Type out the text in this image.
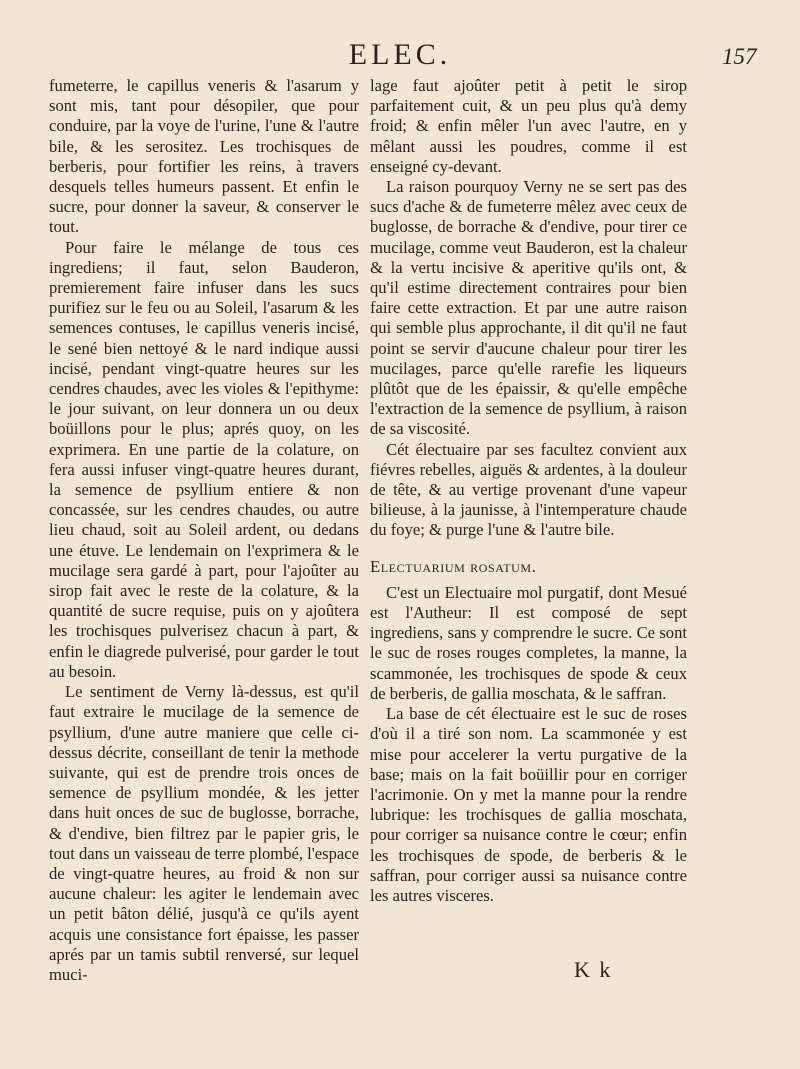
ELEC.	157

fumeterre, le capillus veneris & l'asarum y sont mis, tant pour désopiler, que pour conduire, par la voye de l'urine, l'une & l'autre bile, & les serositez. Les trochisques de berberis, pour fortifier les reins, à travers desquels telles humeurs passent. Et enfin le sucre, pour donner la saveur, & conserver le tout.

Pour faire le mélange de tous ces ingrediens; il faut, selon Bauderon, premierement faire infuser dans les sucs purifiez sur le feu ou au Soleil, l'asarum & les semences contuses, le capillus veneris incisé, le sené bien nettoyé & le nard indique aussi incisé, pendant vingt-quatre heures sur les cendres chaudes, avec les violes & l'epithyme: le jour suivant, on leur donnera un ou deux boüillons pour le plus; aprés quoy, on les exprimera. En une partie de la colature, on fera aussi infuser vingt-quatre heures durant, la semence de psyllium entiere & non concassée, sur les cendres chaudes, ou autre lieu chaud, soit au Soleil ardent, ou dedans une étuve. Le lendemain on l'exprimera & le mucilage sera gardé à part, pour l'ajoûter au sirop fait avec le reste de la colature, & la quantité de sucre requise, puis on y ajoûtera les trochisques pulverisez chacun à part, & enfin le diagrede pulverisé, pour garder le tout au besoin.

Le sentiment de Verny là-dessus, est qu'il faut extraire le mucilage de la semence de psyllium, d'une autre maniere que celle ci-dessus décrite, conseillant de tenir la methode suivante, qui est de prendre trois onces de semence de psyllium mondée, & les jetter dans huit onces de suc de buglosse, borrache, & d'endive, bien filtrez par le papier gris, le tout dans un vaisseau de terre plombé, l'espace de vingt-quatre heures, au froid & non sur aucune chaleur: les agiter le lendemain avec un petit bâton délié, jusqu'à ce qu'ils ayent acquis une consistance fort épaisse, les passer aprés par un tamis subtil renversé, sur lequel muci-

lage faut ajoûter petit à petit le sirop parfaitement cuit, & un peu plus qu'à demy froid; & enfin mêler l'un avec l'autre, en y mêlant aussi les poudres, comme il est enseigné cy-devant.

La raison pourquoy Verny ne se sert pas des sucs d'ache & de fumeterre mêlez avec ceux de buglosse, de borrache & d'endive, pour tirer ce mucilage, comme veut Bauderon, est la chaleur & la vertu incisive & aperitive qu'ils ont, & qu'il estime directement contraires pour bien faire cette extraction. Et par une autre raison qui semble plus approchante, il dit qu'il ne faut point se servir d'aucune chaleur pour tirer les mucilages, parce qu'elle rarefie les liqueurs plûtôt que de les épaissir, & qu'elle empêche l'extraction de la semence de psyllium, à raison de sa viscosité.

Cét électuaire par ses facultez convient aux fiévres rebelles, aiguës & ardentes, à la douleur de tête, & au vertige provenant d'une vapeur bilieuse, à la jaunisse, à l'intemperature chaude du foye; & purge l'une & l'autre bile.

Electuarium rosatum.

C'est un Electuaire mol purgatif, dont Mesué est l'Autheur: Il est composé de sept ingrediens, sans y comprendre le sucre. Ce sont le suc de roses rouges completes, la manne, la scammonée, les trochisques de spode & ceux de berberis, de gallia moschata, & le saffran.

La base de cét électuaire est le suc de roses d'où il a tiré son nom. La scammonée y est mise pour accelerer la vertu purgative de la base; mais on la fait boüillir pour en corriger l'acrimonie. On y met la manne pour la rendre lubrique: les trochisques de gallia moschata, pour corriger sa nuisance contre le cœur; enfin les trochisques de spode, de berberis & le saffran, pour corriger aussi sa nuisance contre les autres visceres.

K k
